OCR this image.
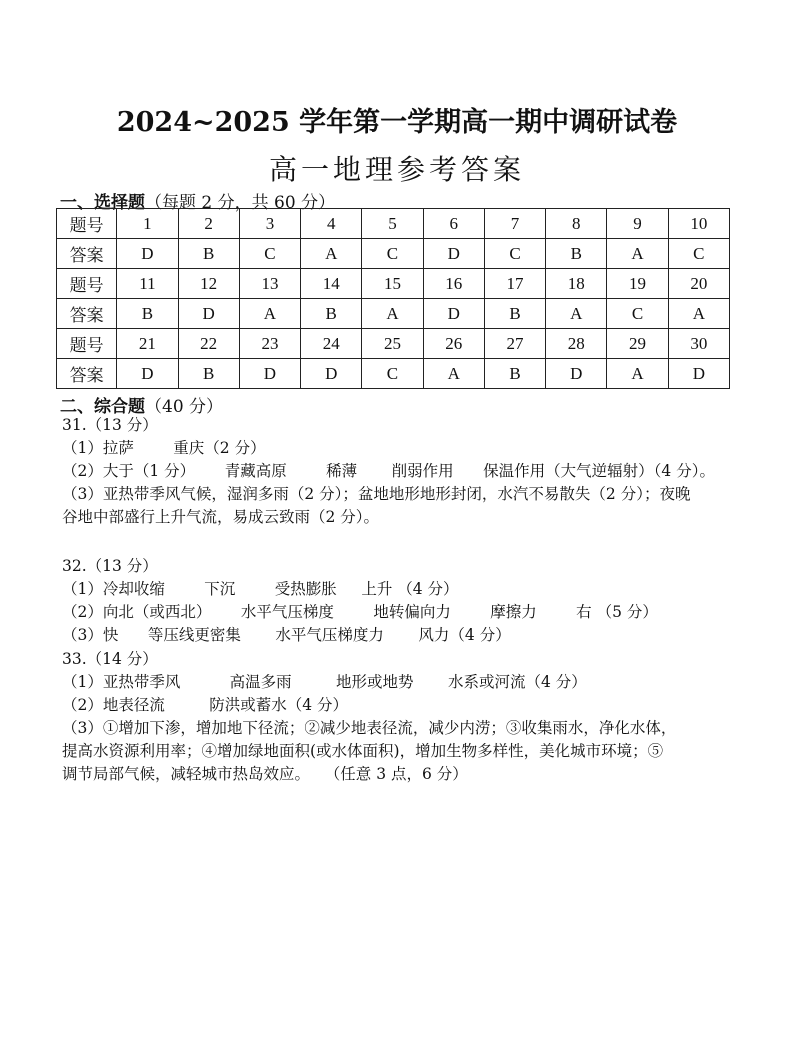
2024~2025 学年第一学期高一期中调研试卷
高一地理参考答案
一、选择题（每题 2 分，共 60 分）
题号	1	2	3	4	5	6	7	8	9	10
答案	D	B	C	A	C	D	C	B	A	C
题号	11	12	13	14	15	16	17	18	19	20
答案	B	D	A	B	A	D	B	A	C	A
题号	21	22	23	24	25	26	27	28	29	30
答案	D	B	D	D	C	A	B	D	A	D
二、综合题（40 分）
31.（13 分）
（1）拉萨        重庆（2 分）
（2）大于（1 分）      青藏高原        稀薄       削弱作用      保温作用（大气逆辐射）（4 分）。
（3）亚热带季风气候，湿润多雨（2 分）；盆地地形地形封闭，水汽不易散失（2 分）；夜晚
谷地中部盛行上升气流，易成云致雨（2 分）。
32.（13 分）
（1）冷却收缩        下沉        受热膨胀     上升 （4 分）
（2）向北（或西北）      水平气压梯度        地转偏向力        摩擦力        右 （5 分）
（3）快      等压线更密集       水平气压梯度力       风力（4 分）
33.（14 分）
（1）亚热带季风          高温多雨         地形或地势       水系或河流（4 分）
（2）地表径流         防洪或蓄水（4 分）
（3）①增加下渗，增加地下径流；②减少地表径流，减少内涝；③收集雨水，净化水体，
提高水资源利用率；④增加绿地面积(或水体面积)，增加生物多样性，美化城市环境；⑤
调节局部气候，减轻城市热岛效应。   （任意 3 点，6 分）
